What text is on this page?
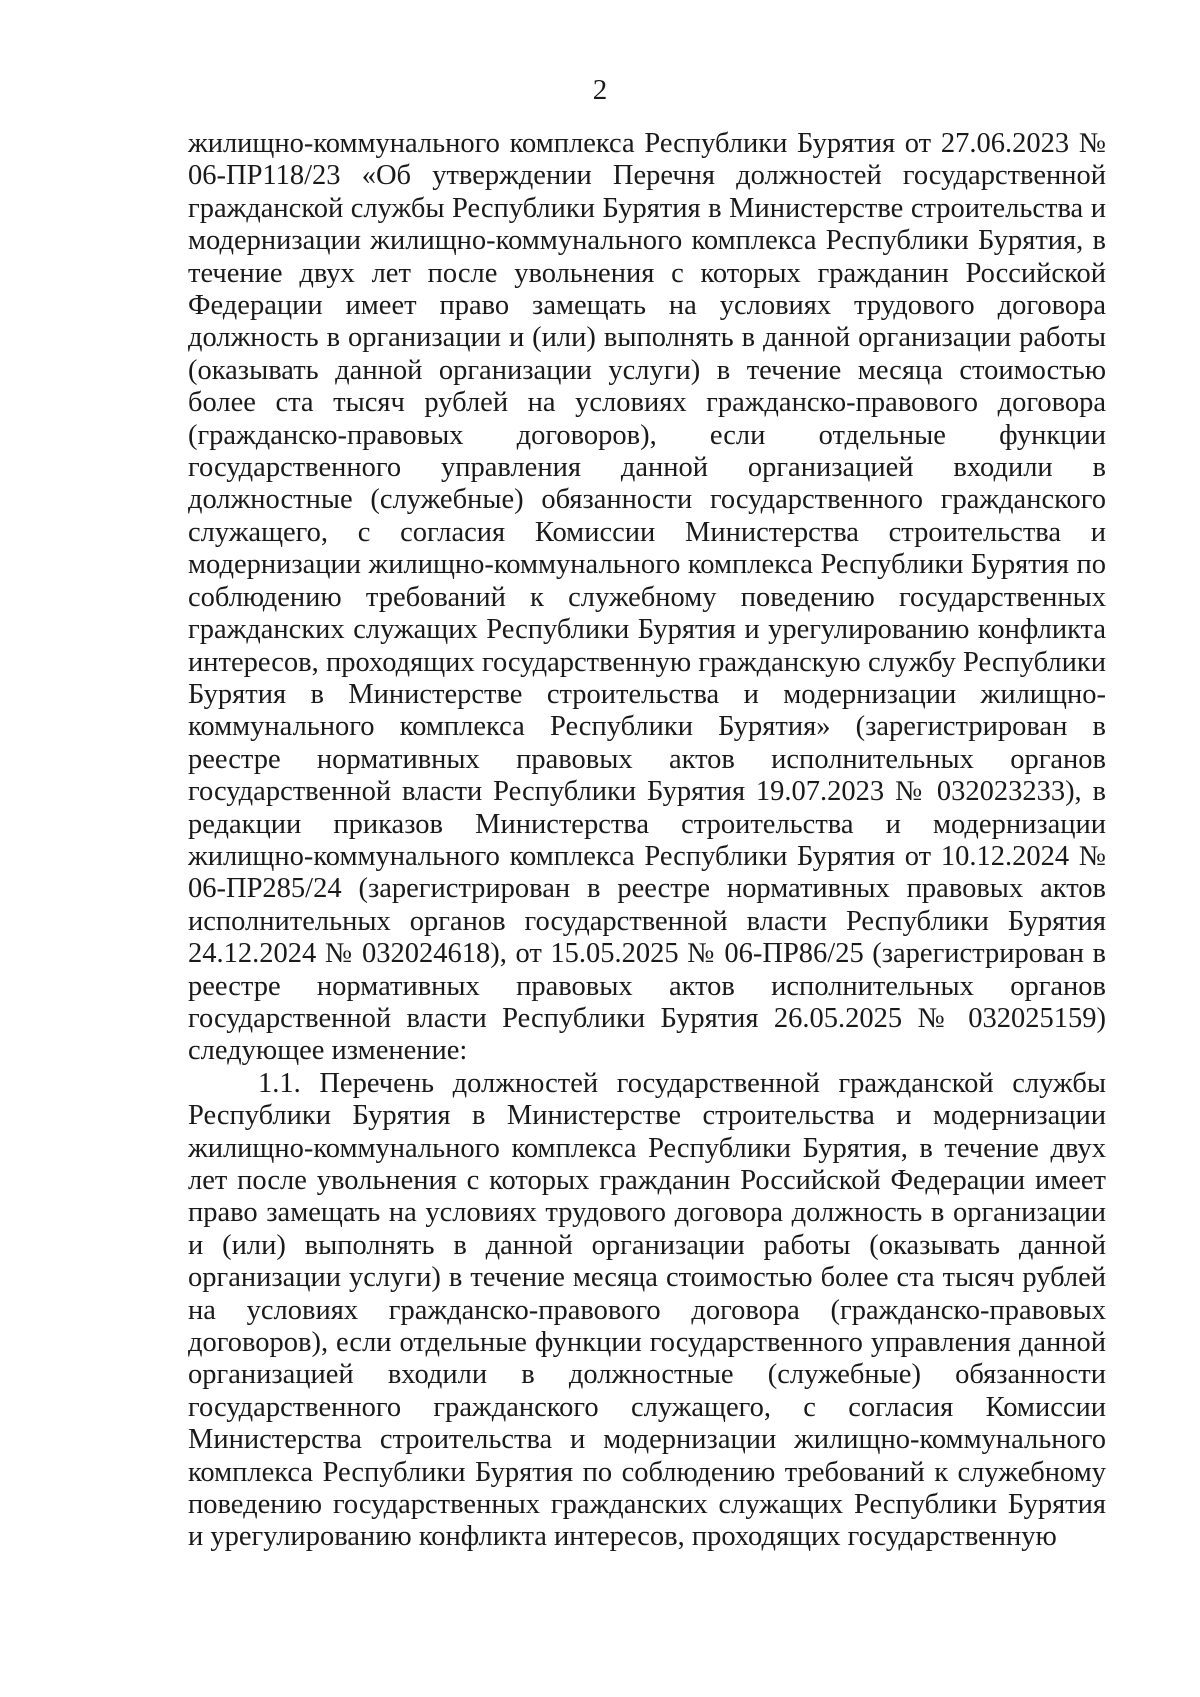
2

жилищно-коммунального комплекса Республики Бурятия от 27.06.2023 № 06-ПР118/23 «Об утверждении Перечня должностей государственной гражданской службы Республики Бурятия в Министерстве строительства и модернизации жилищно-коммунального комплекса Республики Бурятия, в течение двух лет после увольнения с которых гражданин Российской Федерации имеет право замещать на условиях трудового договора должность в организации и (или) выполнять в данной организации работы (оказывать данной организации услуги) в течение месяца стоимостью более ста тысяч рублей на условиях гражданско-правового договора (гражданско-правовых договоров), если отдельные функции государственного управления данной организацией входили в должностные (служебные) обязанности государственного гражданского служащего, с согласия Комиссии Министерства строительства и модернизации жилищно-коммунального комплекса Республики Бурятия по соблюдению требований к служебному поведению государственных гражданских служащих Республики Бурятия и урегулированию конфликта интересов, проходящих государственную гражданскую службу Республики Бурятия в Министерстве строительства и модернизации жилищно-коммунального комплекса Республики Бурятия» (зарегистрирован в реестре нормативных правовых актов исполнительных органов государственной власти Республики Бурятия 19.07.2023 № 032023233), в редакции приказов Министерства строительства и модернизации жилищно-коммунального комплекса Республики Бурятия от 10.12.2024 № 06-ПР285/24 (зарегистрирован в реестре нормативных правовых актов исполнительных органов государственной власти Республики Бурятия 24.12.2024 № 032024618), от 15.05.2025 № 06-ПР86/25 (зарегистрирован в реестре нормативных правовых актов исполнительных органов государственной власти Республики Бурятия 26.05.2025 № 032025159) следующее изменение:

1.1. Перечень должностей государственной гражданской службы Республики Бурятия в Министерстве строительства и модернизации жилищно-коммунального комплекса Республики Бурятия, в течение двух лет после увольнения с которых гражданин Российской Федерации имеет право замещать на условиях трудового договора должность в организации и (или) выполнять в данной организации работы (оказывать данной организации услуги) в течение месяца стоимостью более ста тысяч рублей на условиях гражданско-правового договора (гражданско-правовых договоров), если отдельные функции государственного управления данной организацией входили в должностные (служебные) обязанности государственного гражданского служащего, с согласия Комиссии Министерства строительства и модернизации жилищно-коммунального комплекса Республики Бурятия по соблюдению требований к служебному поведению государственных гражданских служащих Республики Бурятия и урегулированию конфликта интересов, проходящих государственную
